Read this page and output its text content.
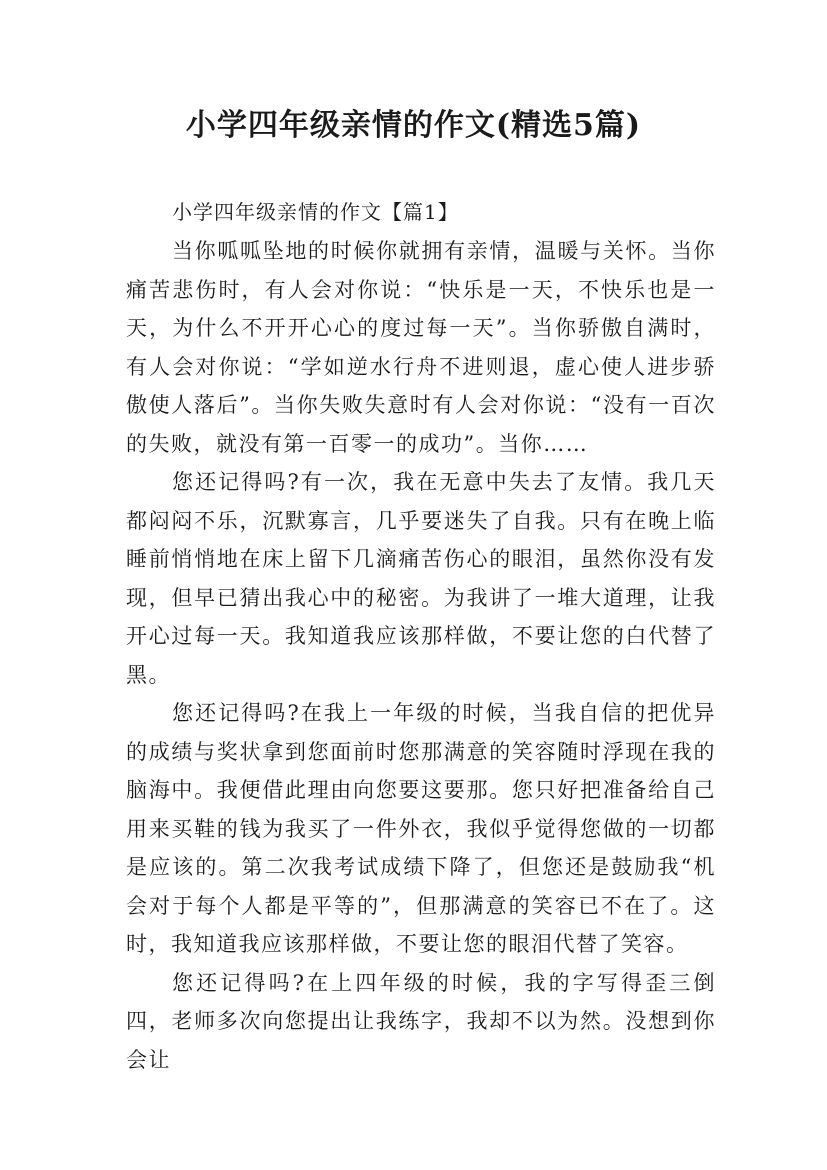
小学四年级亲情的作文(精选5篇)

小学四年级亲情的作文【篇1】

当你呱呱坠地的时候你就拥有亲情，温暖与关怀。当你痛苦悲伤时，有人会对你说：“快乐是一天，不快乐也是一天，为什么不开开心心的度过每一天”。当你骄傲自满时，有人会对你说：“学如逆水行舟不进则退，虚心使人进步骄傲使人落后”。当你失败失意时有人会对你说：“没有一百次的失败，就没有第一百零一的成功”。当你……

您还记得吗?有一次，我在无意中失去了友情。我几天都闷闷不乐，沉默寡言，几乎要迷失了自我。只有在晚上临睡前悄悄地在床上留下几滴痛苦伤心的眼泪，虽然你没有发现，但早已猜出我心中的秘密。为我讲了一堆大道理，让我开心过每一天。我知道我应该那样做，不要让您的白代替了黑。

您还记得吗?在我上一年级的时候，当我自信的把优异的成绩与奖状拿到您面前时您那满意的笑容随时浮现在我的脑海中。我便借此理由向您要这要那。您只好把准备给自己用来买鞋的钱为我买了一件外衣，我似乎觉得您做的一切都是应该的。第二次我考试成绩下降了，但您还是鼓励我“机会对于每个人都是平等的”，但那满意的笑容已不在了。这时，我知道我应该那样做，不要让您的眼泪代替了笑容。

您还记得吗?在上四年级的时候，我的字写得歪三倒四，老师多次向您提出让我练字，我却不以为然。没想到你会让
